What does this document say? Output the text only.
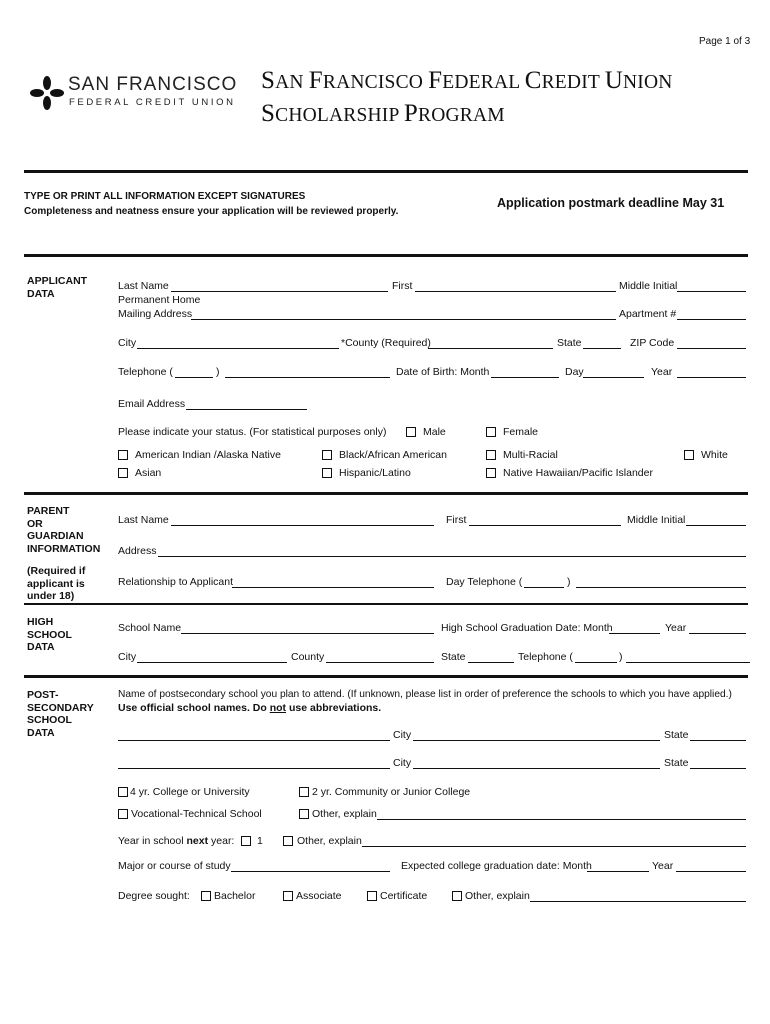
Page 1 of 3
SAN FRANCISCO
FEDERAL CREDIT UNION
SAN FRANCISCO FEDERAL CREDIT UNION
SCHOLARSHIP PROGRAM
TYPE OR PRINT ALL INFORMATION EXCEPT SIGNATURES
Completeness and neatness ensure your application will be reviewed properly.
Application postmark deadline May 31
APPLICANT
DATA
Last Name	First	Middle Initial
Permanent Home
Mailing Address	Apartment #
City	*County (Required)	State	ZIP Code
Telephone (	)	Date of Birth: Month	Day	Year
Email Address
Please indicate your status. (For statistical purposes only)	Male	Female
American Indian /Alaska Native	Black/African American	Multi-Racial	White
Asian	Hispanic/Latino	Native Hawaiian/Pacific Islander
PARENT
OR
GUARDIAN
INFORMATION
(Required if
applicant is
under 18)
Last Name	First	Middle Initial
Address
Relationship to Applicant	Day Telephone (	)
HIGH
SCHOOL
DATA
School Name	High School Graduation Date: Month	Year
City	County	State	Telephone (	)
POST-
SECONDARY
SCHOOL
DATA
Name of postsecondary school you plan to attend. (If unknown, please list in order of preference the schools to which you have applied.)
Use official school names. Do not use abbreviations.
City	State
City	State
4 yr. College or University	2 yr. Community or Junior College
Vocational-Technical School	Other, explain
Year in school next year: 1	Other, explain
Major or course of study	Expected college graduation date: Month	Year
Degree sought: Bachelor	Associate	Certificate	Other, explain
